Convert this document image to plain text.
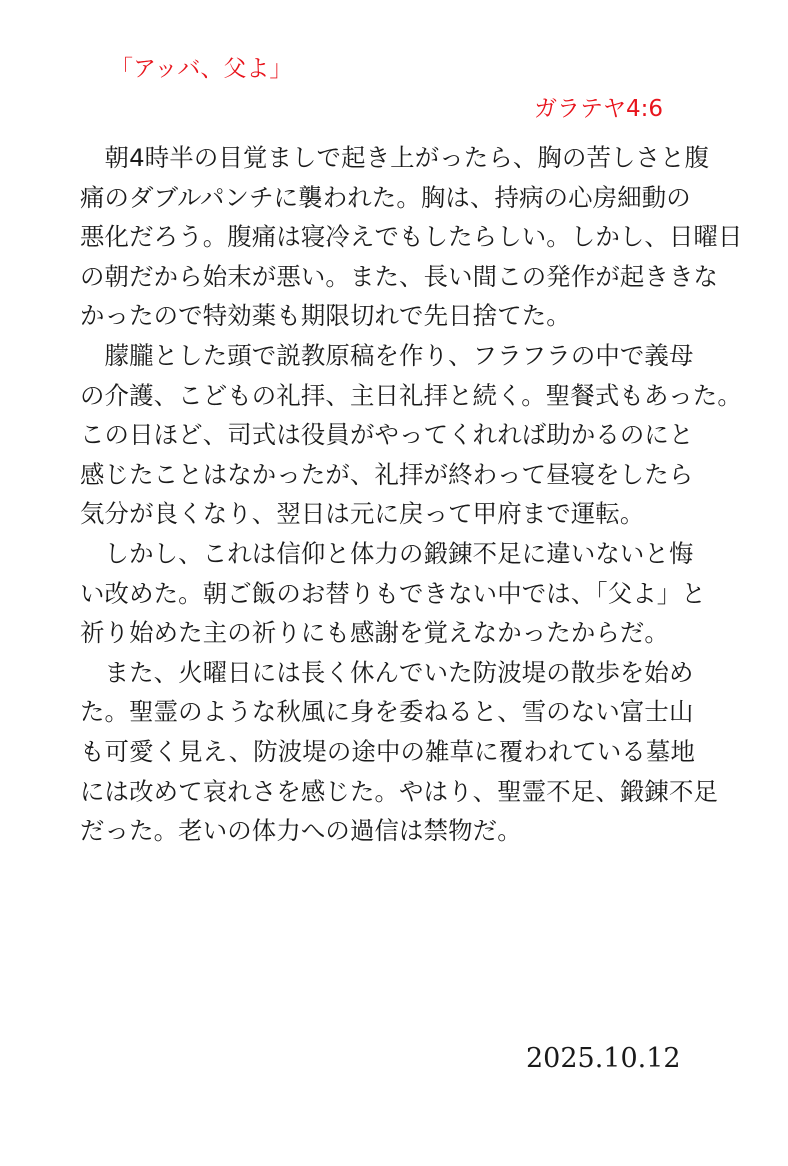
「アッバ、父よ」
ガラテヤ4:6
　朝4時半の目覚ましで起き上がったら、胸の苦しさと腹
痛のダブルパンチに襲われた。胸は、持病の心房細動の
悪化だろう。腹痛は寝冷えでもしたらしい。しかし、日曜日
の朝だから始末が悪い。また、長い間この発作が起ききな
かったので特効薬も期限切れで先日捨てた。
　朦朧とした頭で説教原稿を作り、フラフラの中で義母
の介護、こどもの礼拝、主日礼拝と続く。聖餐式もあった。
この日ほど、司式は役員がやってくれれば助かるのにと
感じたことはなかったが、礼拝が終わって昼寝をしたら
気分が良くなり、翌日は元に戻って甲府まで運転。
　しかし、これは信仰と体力の鍛錬不足に違いないと悔
い改めた。朝ご飯のお替りもできない中では、「父よ」と
祈り始めた主の祈りにも感謝を覚えなかったからだ。
　また、火曜日には長く休んでいた防波堤の散歩を始め
た。聖霊のような秋風に身を委ねると、雪のない富士山
も可愛く見え、防波堤の途中の雑草に覆われている墓地
には改めて哀れさを感じた。やはり、聖霊不足、鍛錬不足
だった。老いの体力への過信は禁物だ。
2025.10.12
